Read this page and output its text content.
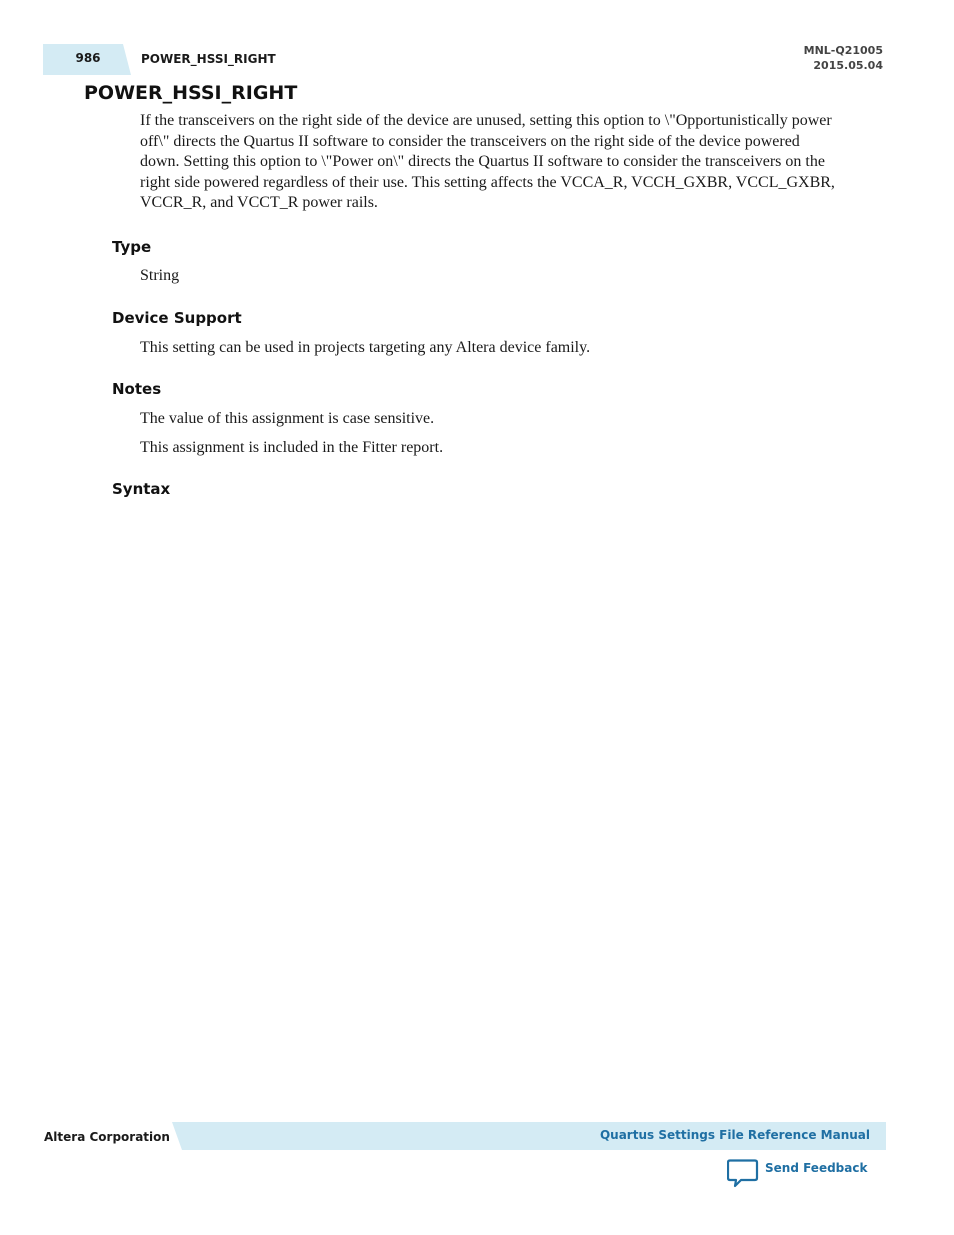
986	POWER_HSSI_RIGHT
MNL-Q21005
2015.05.04
POWER_HSSI_RIGHT

If the transceivers on the right side of the device are unused, setting this option to \"Opportunistically power off\" directs the Quartus II software to consider the transceivers on the right side of the device powered down. Setting this option to \"Power on\" directs the Quartus II software to consider the transceivers on the right side powered regardless of their use. This setting affects the VCCA_R, VCCH_GXBR, VCCL_GXBR, VCCR_R, and VCCT_R power rails.

Type

String

Device Support

This setting can be used in projects targeting any Altera device family.

Notes

The value of this assignment is case sensitive.

This assignment is included in the Fitter report.

Syntax
Altera Corporation	Quartus Settings File Reference Manual
Send Feedback
